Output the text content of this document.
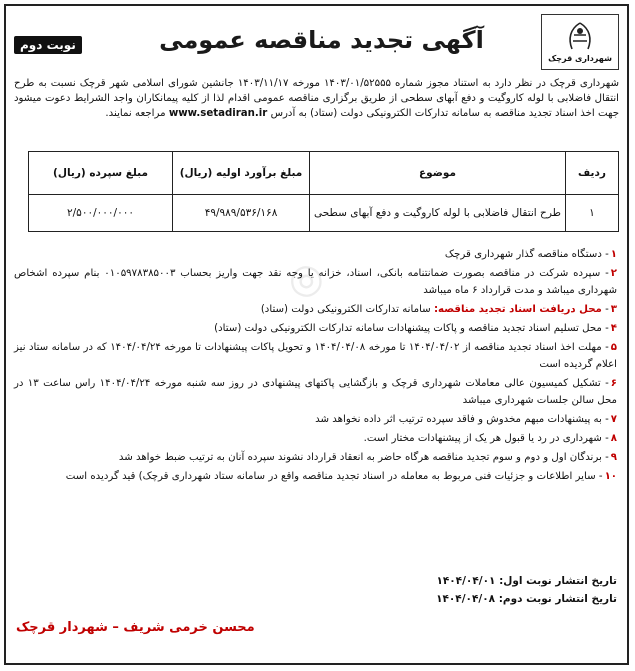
شهرداری قرچک
آگهی تجدید مناقصه عمومی
نوبت دوم
شهرداری قرچک در نظر دارد به استناد مجوز شماره ۱۴۰۳/۰۱/۵۲۵۵۵ مورخه ۱۴۰۳/۱۱/۱۷ جانشین شورای اسلامی شهر قرچک نسبت به طرح انتقال فاضلابی با لوله کاروگیت و دفع آبهای سطحی از طریق برگزاری مناقصه عمومی اقدام لذا از کلیه پیمانکاران واجد الشرایط دعوت میشود جهت اخذ اسناد تجدید مناقصه به سامانه تدارکات الکترونیکی دولت (ستاد) به آدرس www.setadiran.ir مراجعه نمایند.
◎
ردیف	موضوع	مبلغ برآورد اولیه (ریال)	مبلغ سپرده (ریال)
۱	طرح انتقال فاضلابی با لوله کاروگیت و دفع آبهای سطحی	۴۹/۹۸۹/۵۳۶/۱۶۸	۲/۵۰۰/۰۰۰/۰۰۰
۱- دستگاه مناقصه گذار شهرداری قرچک
۲- سپرده شرکت در مناقصه بصورت ضمانتنامه بانکی، اسناد، خزانه یا وجه نقد جهت واریز بحساب ۰۱۰۵۹۷۸۳۸۵۰۰۳ بنام سپرده اشخاص شهرداری میباشد و مدت قرارداد ۶ ماه میباشد
۳- محل دریافت اسناد تجدید مناقصه: سامانه تدارکات الکترونیکی دولت (ستاد)
۴- محل تسلیم اسناد تجدید مناقصه و پاکات پیشنهادات سامانه تدارکات الکترونیکی دولت (ستاد)
۵- مهلت اخذ اسناد تجدید مناقصه از ۱۴۰۴/۰۴/۰۲ تا مورخه ۱۴۰۴/۰۴/۰۸ و تحویل پاکات پیشنهادات تا مورخه ۱۴۰۴/۰۴/۲۴ که در سامانه ستاد نیز اعلام گردیده است
۶- تشکیل کمیسیون عالی معاملات شهرداری قرچک و بازگشایی پاکتهای پیشنهادی در روز سه شنبه مورخه ۱۴۰۴/۰۴/۲۴ راس ساعت ۱۳ در محل سالن جلسات شهرداری میباشد
۷- به پیشنهادات مبهم مخدوش و فاقد سپرده ترتیب اثر داده نخواهد شد
۸- شهرداری در رد یا قبول هر یک از پیشنهادات مختار است.
۹- برندگان اول و دوم و سوم تجدید مناقصه هرگاه حاضر به انعقاد قرارداد نشوند سپرده آنان به ترتیب ضبط خواهد شد
۱۰- سایر اطلاعات و جزئیات فنی مربوط به معامله در اسناد تجدید مناقصه واقع در سامانه ستاد شهرداری قرچک) قید گردیده است
تاریخ انتشار نوبت اول: ۱۴۰۴/۰۴/۰۱
تاریخ انتشار نوبت دوم: ۱۴۰۴/۰۴/۰۸
محسن خرمی شریف – شهردار قرچک
